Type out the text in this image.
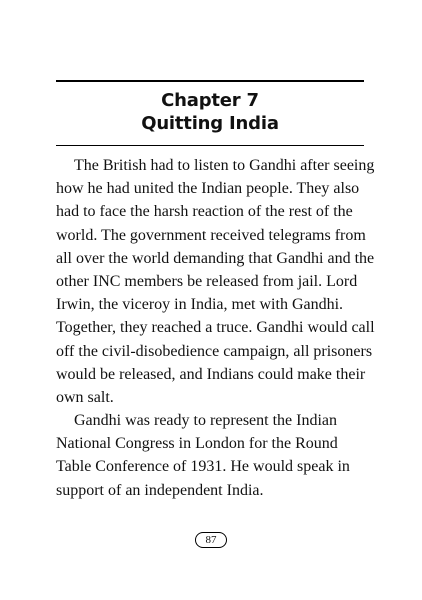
Chapter 7
Quitting India
The British had to listen to Gandhi after seeing
how he had united the Indian people. They also
had to face the harsh reaction of the rest of the
world. The government received telegrams from
all over the world demanding that Gandhi and the
other INC members be released from jail. Lord
Irwin, the viceroy in India, met with Gandhi.
Together, they reached a truce. Gandhi would call
off the civil-disobedience campaign, all prisoners
would be released, and Indians could make their
own salt.
Gandhi was ready to represent the Indian
National Congress in London for the Round
Table Conference of 1931. He would speak in
support of an independent India.
87
